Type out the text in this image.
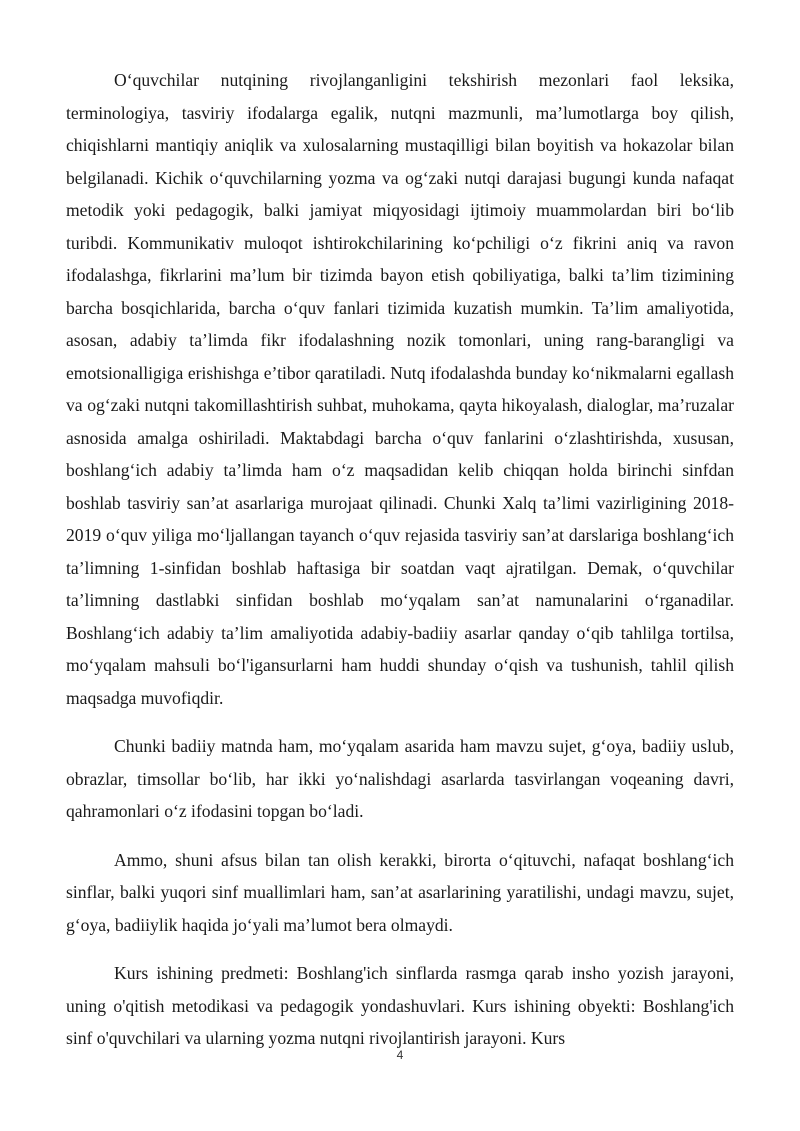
O‘quvchilar nutqining rivojlanganligini tekshirish mezonlari faol leksika, terminologiya, tasviriy ifodalarga egalik, nutqni mazmunli, ma’lumotlarga boy qilish, chiqishlarni mantiqiy aniqlik va xulosalarning mustaqilligi bilan boyitish va hokazolar bilan belgilanadi. Kichik o‘quvchilarning yozma va og‘zaki nutqi darajasi bugungi kunda nafaqat metodik yoki pedagogik, balki jamiyat miqyosidagi ijtimoiy muammolardan biri bo‘lib turibdi. Kommunikativ muloqot ishtirokchilarining ko‘pchiligi o‘z fikrini aniq va ravon ifodalashga, fikrlarini ma’lum bir tizimda bayon etish qobiliyatiga, balki ta’lim tizimining barcha bosqichlarida, barcha o‘quv fanlari tizimida kuzatish mumkin. Ta’lim amaliyotida, asosan, adabiy ta’limda fikr ifodalashning nozik tomonlari, uning rang-barangligi va emotsionalligiga erishishga e’tibor qaratiladi. Nutq ifodalashda bunday ko‘nikmalarni egallash va og‘zaki nutqni takomillashtirish suhbat, muhokama, qayta hikoyalash, dialoglar, ma’ruzalar asnosida amalga oshiriladi. Maktabdagi barcha o‘quv fanlarini o‘zlashtirishda, xususan, boshlang‘ich adabiy ta’limda ham o‘z maqsadidan kelib chiqqan holda birinchi sinfdan boshlab tasviriy san’at asarlariga murojaat qilinadi. Chunki Xalq ta’limi vazirligining 2018-2019 o‘quv yiliga mo‘ljallangan tayanch o‘quv rejasida tasviriy san’at darslariga boshlang‘ich ta’limning 1-sinfidan boshlab haftasiga bir soatdan vaqt ajratilgan. Demak, o‘quvchilar ta’limning dastlabki sinfidan boshlab mo‘yqalam san’at namunalarini o‘rganadilar. Boshlang‘ich adabiy ta’lim amaliyotida adabiy-badiiy asarlar qanday o‘qib tahlilga tortilsa, mo‘yqalam mahsuli bo‘l'igansurlarni ham huddi shunday o‘qish va tushunish, tahlil qilish maqsadga muvofiqdir.

Chunki badiiy matnda ham, mo‘yqalam asarida ham mavzu sujet, g‘oya, badiiy uslub, obrazlar, timsollar bo‘lib, har ikki yo‘nalishdagi asarlarda tasvirlangan voqeaning davri, qahramonlari o‘z ifodasini topgan bo‘ladi.

Ammo, shuni afsus bilan tan olish kerakki, birorta o‘qituvchi, nafaqat boshlang‘ich sinflar, balki yuqori sinf muallimlari ham, san’at asarlarining yaratilishi, undagi mavzu, sujet, g‘oya, badiiylik haqida jo‘yali ma’lumot bera olmaydi.

Kurs ishining predmeti: Boshlang'ich sinflarda rasmga qarab insho yozish jarayoni, uning o'qitish metodikasi va pedagogik yondashuvlari. Kurs ishining obyekti: Boshlang'ich sinf o'quvchilari va ularning yozma nutqni rivojlantirish jarayoni. Kurs

4
